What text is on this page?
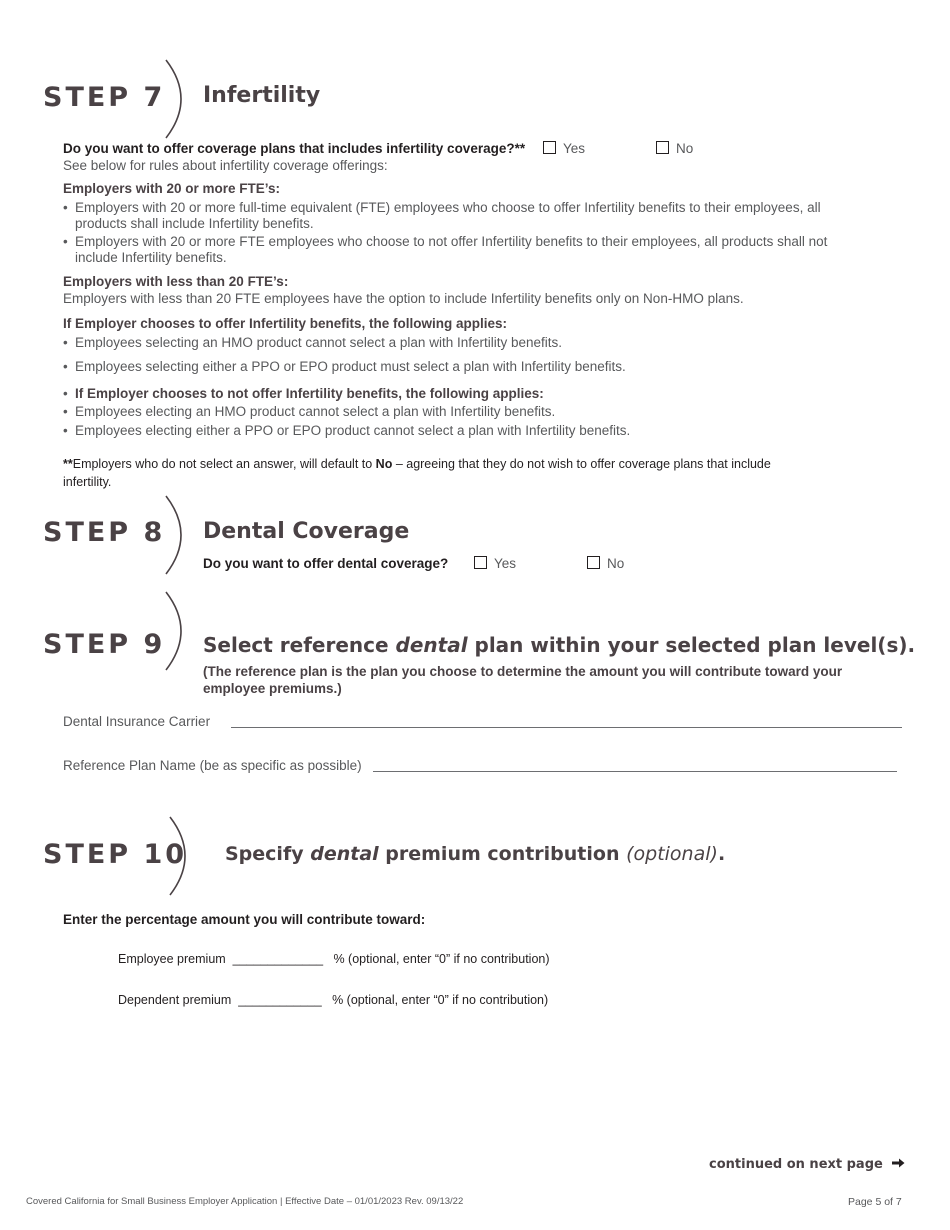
STEP 7 Infertility
Do you want to offer coverage plans that includes infertility coverage?**	Yes	No
See below for rules about infertility coverage offerings:
Employers with 20 or more FTE’s:
• Employers with 20 or more full-time equivalent (FTE) employees who choose to offer Infertility benefits to their employees, all products shall include Infertility benefits.
• Employers with 20 or more FTE employees who choose to not offer Infertility benefits to their employees, all products shall not include Infertility benefits.
Employers with less than 20 FTE’s:
Employers with less than 20 FTE employees have the option to include Infertility benefits only on Non-HMO plans.
If Employer chooses to offer Infertility benefits, the following applies:
• Employees selecting an HMO product cannot select a plan with Infertility benefits.
• Employees selecting either a PPO or EPO product must select a plan with Infertility benefits.
• If Employer chooses to not offer Infertility benefits, the following applies:
• Employees electing an HMO product cannot select a plan with Infertility benefits.
• Employees electing either a PPO or EPO product cannot select a plan with Infertility benefits.
**Employers who do not select an answer, will default to No – agreeing that they do not wish to offer coverage plans that include infertility.
STEP 8 Dental Coverage
Do you want to offer dental coverage?	Yes	No
STEP 9 Select reference dental plan within your selected plan level(s).
(The reference plan is the plan you choose to determine the amount you will contribute toward your employee premiums.)
Dental Insurance Carrier
Reference Plan Name (be as specific as possible)
STEP 10 Specify dental premium contribution (optional).
Enter the percentage amount you will contribute toward:
Employee premium _____________ % (optional, enter “0” if no contribution)
Dependent premium ____________ % (optional, enter “0” if no contribution)
continued on next page
Covered California for Small Business Employer Application | Effective Date – 01/01/2023 Rev. 09/13/22	Page 5 of 7
